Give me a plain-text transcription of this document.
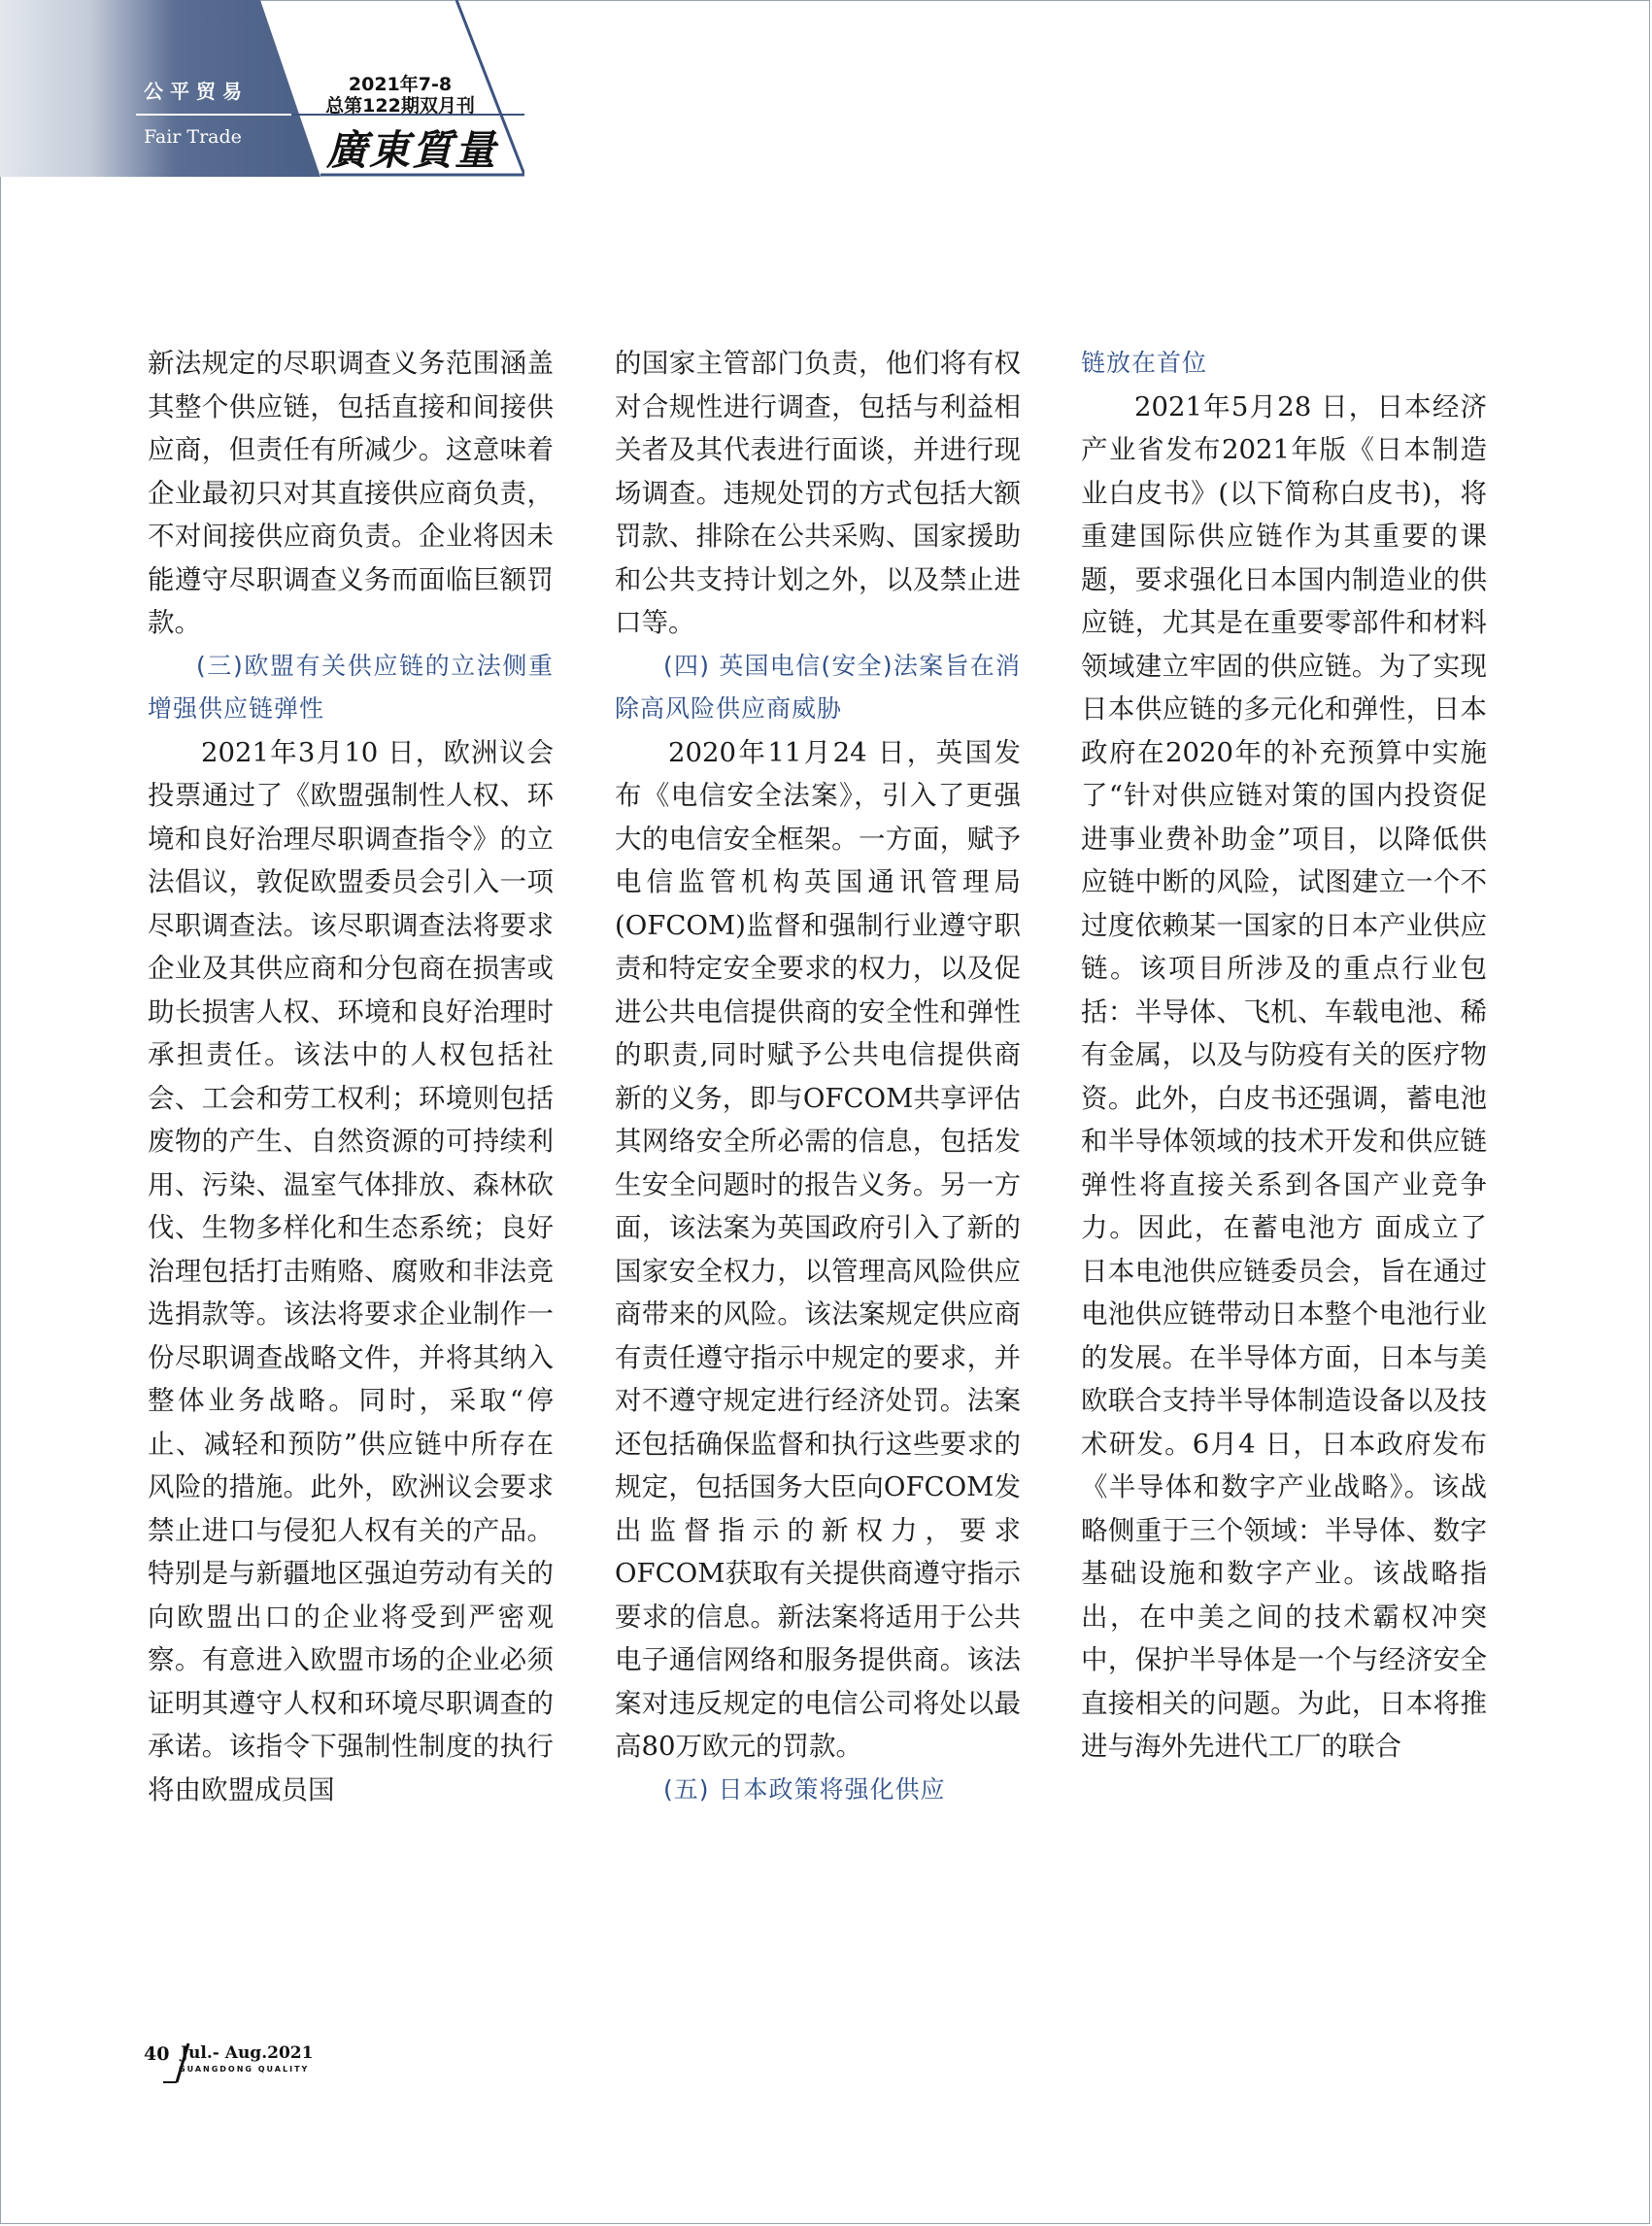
公平贸易
Fair Trade
2021年7-8
总第122期双月刊
廣東質量

新法规定的尽职调查义务范围涵盖其整个供应链，包括直接和间接供应商，但责任有所减少。这意味着企业最初只对其直接供应商负责，不对间接供应商负责。企业将因未能遵守尽职调查义务而面临巨额罚款。

(三)欧盟有关供应链的立法侧重增强供应链弹性

2021年3月10 日，欧洲议会投票通过了《欧盟强制性人权、环境和良好治理尽职调查指令》的立法倡议，敦促欧盟委员会引入一项尽职调查法。该尽职调查法将要求企业及其供应商和分包商在损害或助长损害人权、环境和良好治理时承担责任。该法中的人权包括社会、工会和劳工权利；环境则包括废物的产生、自然资源的可持续利用、污染、温室气体排放、森林砍伐、生物多样化和生态系统；良好治理包括打击贿赂、腐败和非法竞选捐款等。该法将要求企业制作一份尽职调查战略文件，并将其纳入整体业务战略。同时，采取“停止、减轻和预防”供应链中所存在风险的措施。此外，欧洲议会要求禁止进口与侵犯人权有关的产品。特别是与新疆地区强迫劳动有关的向欧盟出口的企业将受到严密观察。有意进入欧盟市场的企业必须证明其遵守人权和环境尽职调查的承诺。该指令下强制性制度的执行将由欧盟成员国

的国家主管部门负责，他们将有权对合规性进行调查，包括与利益相关者及其代表进行面谈，并进行现场调查。违规处罚的方式包括大额罚款、排除在公共采购、国家援助和公共支持计划之外，以及禁止进口等。

(四) 英国电信(安全)法案旨在消除高风险供应商威胁

2020年11月24 日，英国发布《电信安全法案》，引入了更强大的电信安全框架。一方面，赋予电信监管机构英国通讯管理局(OFCOM)监督和强制行业遵守职责和特定安全要求的权力，以及促进公共电信提供商的安全性和弹性的职责,同时赋予公共电信提供商新的义务，即与OFCOM共享评估其网络安全所必需的信息，包括发生安全问题时的报告义务。另一方面，该法案为英国政府引入了新的国家安全权力，以管理高风险供应商带来的风险。该法案规定供应商有责任遵守指示中规定的要求，并对不遵守规定进行经济处罚。法案还包括确保监督和执行这些要求的规定，包括国务大臣向OFCOM发出监督指示的新权力，要求OFCOM获取有关提供商遵守指示要求的信息。新法案将适用于公共电子通信网络和服务提供商。该法案对违反规定的电信公司将处以最高80万欧元的罚款。

(五) 日本政策将强化供应

链放在首位

2021年5月28 日，日本经济产业省发布2021年版《日本制造业白皮书》(以下简称白皮书)，将重建国际供应链作为其重要的课题，要求强化日本国内制造业的供应链，尤其是在重要零部件和材料领域建立牢固的供应链。为了实现日本供应链的多元化和弹性，日本政府在2020年的补充预算中实施了“针对供应链对策的国内投资促进事业费补助金”项目，以降低供应链中断的风险，试图建立一个不过度依赖某一国家的日本产业供应链。该项目所涉及的重点行业包括：半导体、飞机、车载电池、稀有金属，以及与防疫有关的医疗物资。此外，白皮书还强调，蓄电池和半导体领域的技术开发和供应链弹性将直接关系到各国产业竞争力。因此，在蓄电池方 面成立了日本电池供应链委员会，旨在通过电池供应链带动日本整个电池行业的发展。在半导体方面，日本与美欧联合支持半导体制造设备以及技术研发。6月4 日，日本政府发布《半导体和数字产业战略》。该战略侧重于三个领域：半导体、数字基础设施和数字产业。该战略指出，在中美之间的技术霸权冲突中，保护半导体是一个与经济安全直接相关的问题。为此，日本将推进与海外先进代工厂的联合

40 Jul.- Aug.2021
GUANGDONG QUALITY
